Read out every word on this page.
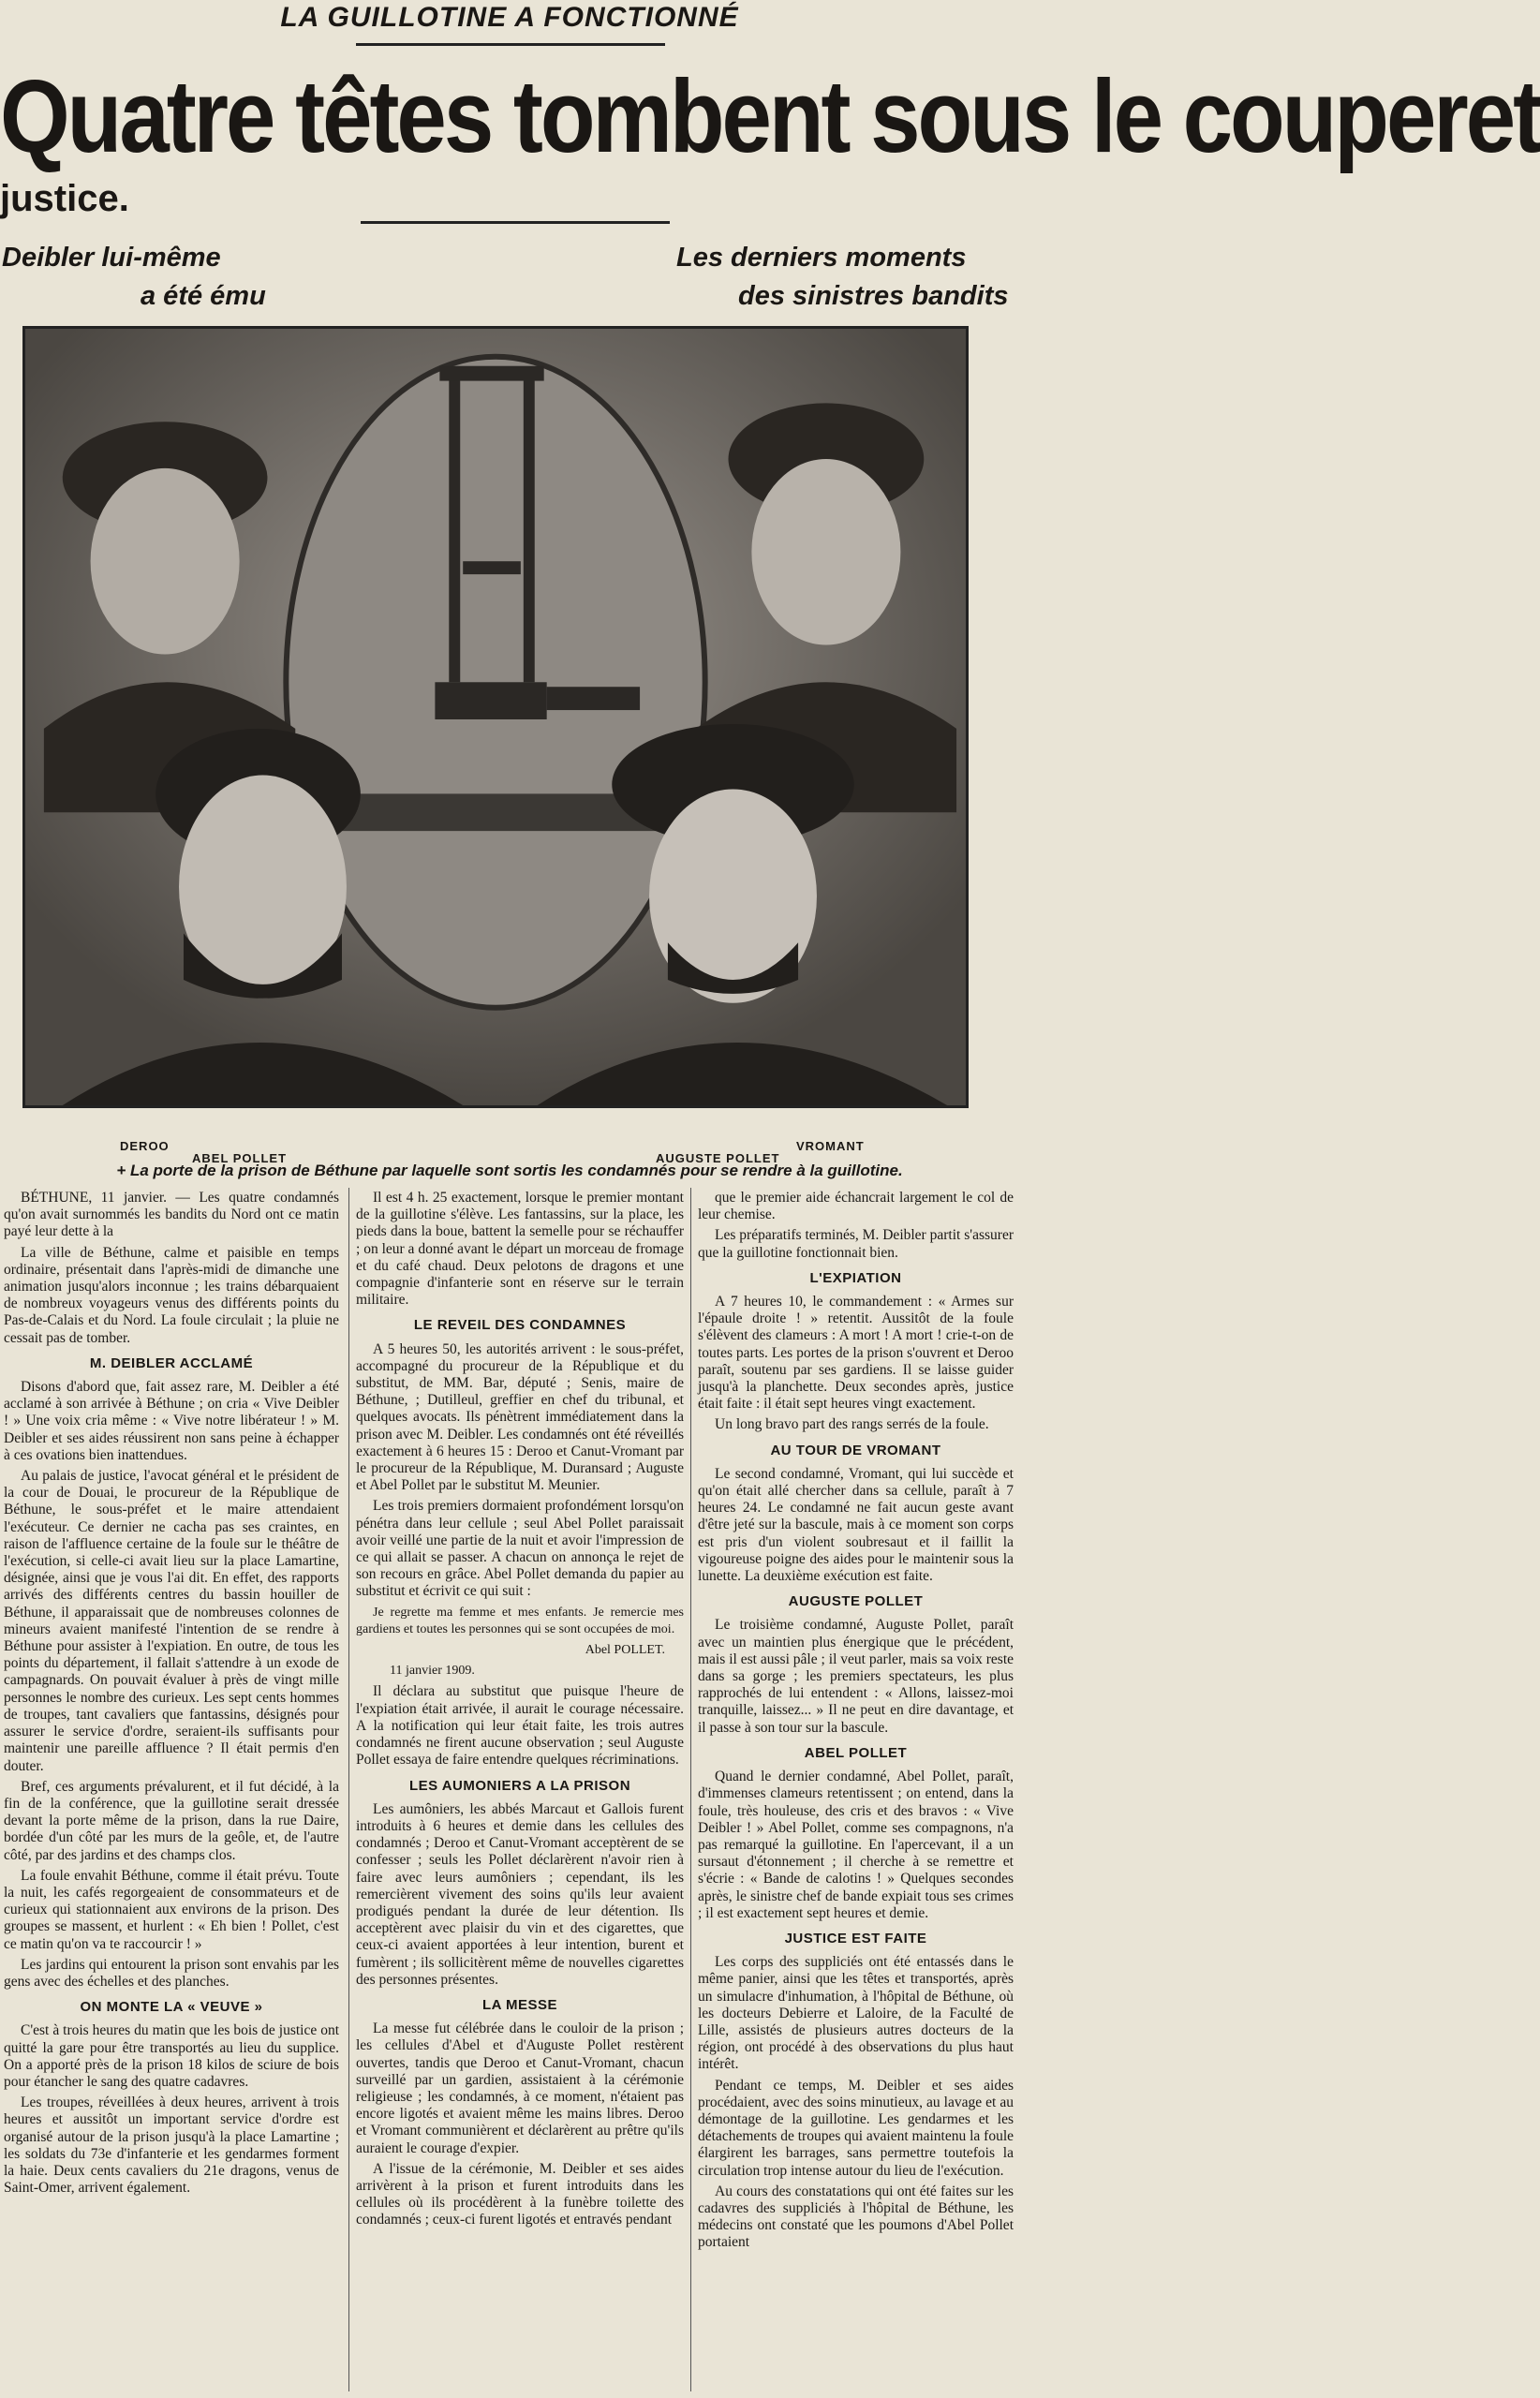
LA GUILLOTINE A FONCTIONNÉ
Quatre têtes tombent sous le couperet
justice.
Deibler lui-même
a été ému
Les derniers moments
des sinistres bandits
DEROO
ABEL POLLET	AUGUSTE POLLET
VROMANT
+ La porte de la prison de Béthune par laquelle sont sortis les condamnés pour se rendre à la guillotine.

BÉTHUNE, 11 janvier. — Les quatre condamnés qu'on avait surnommés les bandits du Nord ont ce matin payé leur dette à la

La ville de Béthune, calme et paisible en temps ordinaire, présentait dans l'après-midi de dimanche une animation jusqu'alors inconnue ; les trains débarquaient de nombreux voyageurs venus des différents points du Pas-de-Calais et du Nord. La foule circulait ; la pluie ne cessait pas de tomber.

M. DEIBLER ACCLAMÉ

Disons d'abord que, fait assez rare, M. Deibler a été acclamé à son arrivée à Béthune ; on cria « Vive Deibler ! » Une voix cria même : « Vive notre libérateur ! » M. Deibler et ses aides réussirent non sans peine à échapper à ces ovations bien inattendues.

Au palais de justice, l'avocat général et le président de la cour de Douai, le procureur de la République de Béthune, le sous-préfet et le maire attendaient l'exécuteur. Ce dernier ne cacha pas ses craintes, en raison de l'affluence certaine de la foule sur le théâtre de l'exécution, si celle-ci avait lieu sur la place Lamartine, désignée, ainsi que je vous l'ai dit. En effet, des rapports arrivés des différents centres du bassin houiller de Béthune, il apparaissait que de nombreuses colonnes de mineurs avaient manifesté l'intention de se rendre à Béthune pour assister à l'expiation. En outre, de tous les points du département, il fallait s'attendre à un exode de campagnards. On pouvait évaluer à près de vingt mille personnes le nombre des curieux. Les sept cents hommes de troupes, tant cavaliers que fantassins, désignés pour assurer le service d'ordre, seraient-ils suffisants pour maintenir une pareille affluence ? Il était permis d'en douter.

Bref, ces arguments prévalurent, et il fut décidé, à la fin de la conférence, que la guillotine serait dressée devant la porte même de la prison, dans la rue Daire, bordée d'un côté par les murs de la geôle, et, de l'autre côté, par des jardins et des champs clos.

La foule envahit Béthune, comme il était prévu. Toute la nuit, les cafés regorgeaient de consommateurs et de curieux qui stationnaient aux environs de la prison. Des groupes se massent, et hurlent : « Eh bien ! Pollet, c'est ce matin qu'on va te raccourcir ! »

Les jardins qui entourent la prison sont envahis par les gens avec des échelles et des planches.

ON MONTE LA « VEUVE »

C'est à trois heures du matin que les bois de justice ont quitté la gare pour être transportés au lieu du supplice. On a apporté près de la prison 18 kilos de sciure de bois pour étancher le sang des quatre cadavres.

Les troupes, réveillées à deux heures, arrivent à trois heures et aussitôt un important service d'ordre est organisé autour de la prison jusqu'à la place Lamartine ; les soldats du 73e d'infanterie et les gendarmes forment la haie. Deux cents cavaliers du 21e dragons, venus de Saint-Omer, arrivent également.

Il est 4 h. 25 exactement, lorsque le premier montant de la guillotine s'élève. Les fantassins, sur la place, les pieds dans la boue, battent la semelle pour se réchauffer ; on leur a donné avant le départ un morceau de fromage et du café chaud. Deux pelotons de dragons et une compagnie d'infanterie sont en réserve sur le terrain militaire.

LE REVEIL DES CONDAMNES

A 5 heures 50, les autorités arrivent : le sous-préfet, accompagné du procureur de la République et du substitut, de MM. Bar, député ; Senis, maire de Béthune, ; Dutilleul, greffier en chef du tribunal, et quelques avocats. Ils pénètrent immédiatement dans la prison avec M. Deibler. Les condamnés ont été réveillés exactement à 6 heures 15 : Deroo et Canut-Vromant par le procureur de la République, M. Duransard ; Auguste et Abel Pollet par le substitut M. Meunier.

Les trois premiers dormaient profondément lorsqu'on pénétra dans leur cellule ; seul Abel Pollet paraissait avoir veillé une partie de la nuit et avoir l'impression de ce qui allait se passer. A chacun on annonça le rejet de son recours en grâce. Abel Pollet demanda du papier au substitut et écrivit ce qui suit :

Je regrette ma femme et mes enfants. Je remercie mes gardiens et toutes les personnes qui se sont occupées de moi.

Abel POLLET.

11 janvier 1909.

Il déclara au substitut que puisque l'heure de l'expiation était arrivée, il aurait le courage nécessaire. A la notification qui leur était faite, les trois autres condamnés ne firent aucune observation ; seul Auguste Pollet essaya de faire entendre quelques récriminations.

LES AUMONIERS A LA PRISON

Les aumôniers, les abbés Marcaut et Gallois furent introduits à 6 heures et demie dans les cellules des condamnés ; Deroo et Canut-Vromant acceptèrent de se confesser ; seuls les Pollet déclarèrent n'avoir rien à faire avec leurs aumôniers ; cependant, ils les remercièrent vivement des soins qu'ils leur avaient prodigués pendant la durée de leur détention. Ils acceptèrent avec plaisir du vin et des cigarettes, que ceux-ci avaient apportées à leur intention, burent et fumèrent ; ils sollicitèrent même de nouvelles cigarettes des personnes présentes.

LA MESSE

La messe fut célébrée dans le couloir de la prison ; les cellules d'Abel et d'Auguste Pollet restèrent ouvertes, tandis que Deroo et Canut-Vromant, chacun surveillé par un gardien, assistaient à la cérémonie religieuse ; les condamnés, à ce moment, n'étaient pas encore ligotés et avaient même les mains libres. Deroo et Vromant communièrent et déclarèrent au prêtre qu'ils auraient le courage d'expier.

A l'issue de la cérémonie, M. Deibler et ses aides arrivèrent à la prison et furent introduits dans les cellules où ils procédèrent à la funèbre toilette des condamnés ; ceux-ci furent ligotés et entravés pendant

que le premier aide échancrait largement le col de leur chemise.

Les préparatifs terminés, M. Deibler partit s'assurer que la guillotine fonctionnait bien.

L'EXPIATION

A 7 heures 10, le commandement : « Armes sur l'épaule droite ! » retentit. Aussitôt de la foule s'élèvent des clameurs : A mort ! A mort ! crie-t-on de toutes parts. Les portes de la prison s'ouvrent et Deroo paraît, soutenu par ses gardiens. Il se laisse guider jusqu'à la planchette. Deux secondes après, justice était faite : il était sept heures vingt exactement.

Un long bravo part des rangs serrés de la foule.

AU TOUR DE VROMANT

Le second condamné, Vromant, qui lui succède et qu'on était allé chercher dans sa cellule, paraît à 7 heures 24. Le condamné ne fait aucun geste avant d'être jeté sur la bascule, mais à ce moment son corps est pris d'un violent soubresaut et il faillit la vigoureuse poigne des aides pour le maintenir sous la lunette. La deuxième exécution est faite.

AUGUSTE POLLET

Le troisième condamné, Auguste Pollet, paraît avec un maintien plus énergique que le précédent, mais il est aussi pâle ; il veut parler, mais sa voix reste dans sa gorge ; les premiers spectateurs, les plus rapprochés de lui entendent : « Allons, laissez-moi tranquille, laissez... » Il ne peut en dire davantage, et il passe à son tour sur la bascule.

ABEL POLLET

Quand le dernier condamné, Abel Pollet, paraît, d'immenses clameurs retentissent ; on entend, dans la foule, très houleuse, des cris et des bravos : « Vive Deibler ! » Abel Pollet, comme ses compagnons, n'a pas remarqué la guillotine. En l'apercevant, il a un sursaut d'étonnement ; il cherche à se remettre et s'écrie : « Bande de calotins ! » Quelques secondes après, le sinistre chef de bande expiait tous ses crimes ; il est exactement sept heures et demie.

JUSTICE EST FAITE

Les corps des suppliciés ont été entassés dans le même panier, ainsi que les têtes et transportés, après un simulacre d'inhumation, à l'hôpital de Béthune, où les docteurs Debierre et Laloire, de la Faculté de Lille, assistés de plusieurs autres docteurs de la région, ont procédé à des observations du plus haut intérêt.

Pendant ce temps, M. Deibler et ses aides procédaient, avec des soins minutieux, au lavage et au démontage de la guillotine. Les gendarmes et les détachements de troupes qui avaient maintenu la foule élargirent les barrages, sans permettre toutefois la circulation trop intense autour du lieu de l'exécution.

Au cours des constatations qui ont été faites sur les cadavres des suppliciés à l'hôpital de Béthune, les médecins ont constaté que les poumons d'Abel Pollet portaient
